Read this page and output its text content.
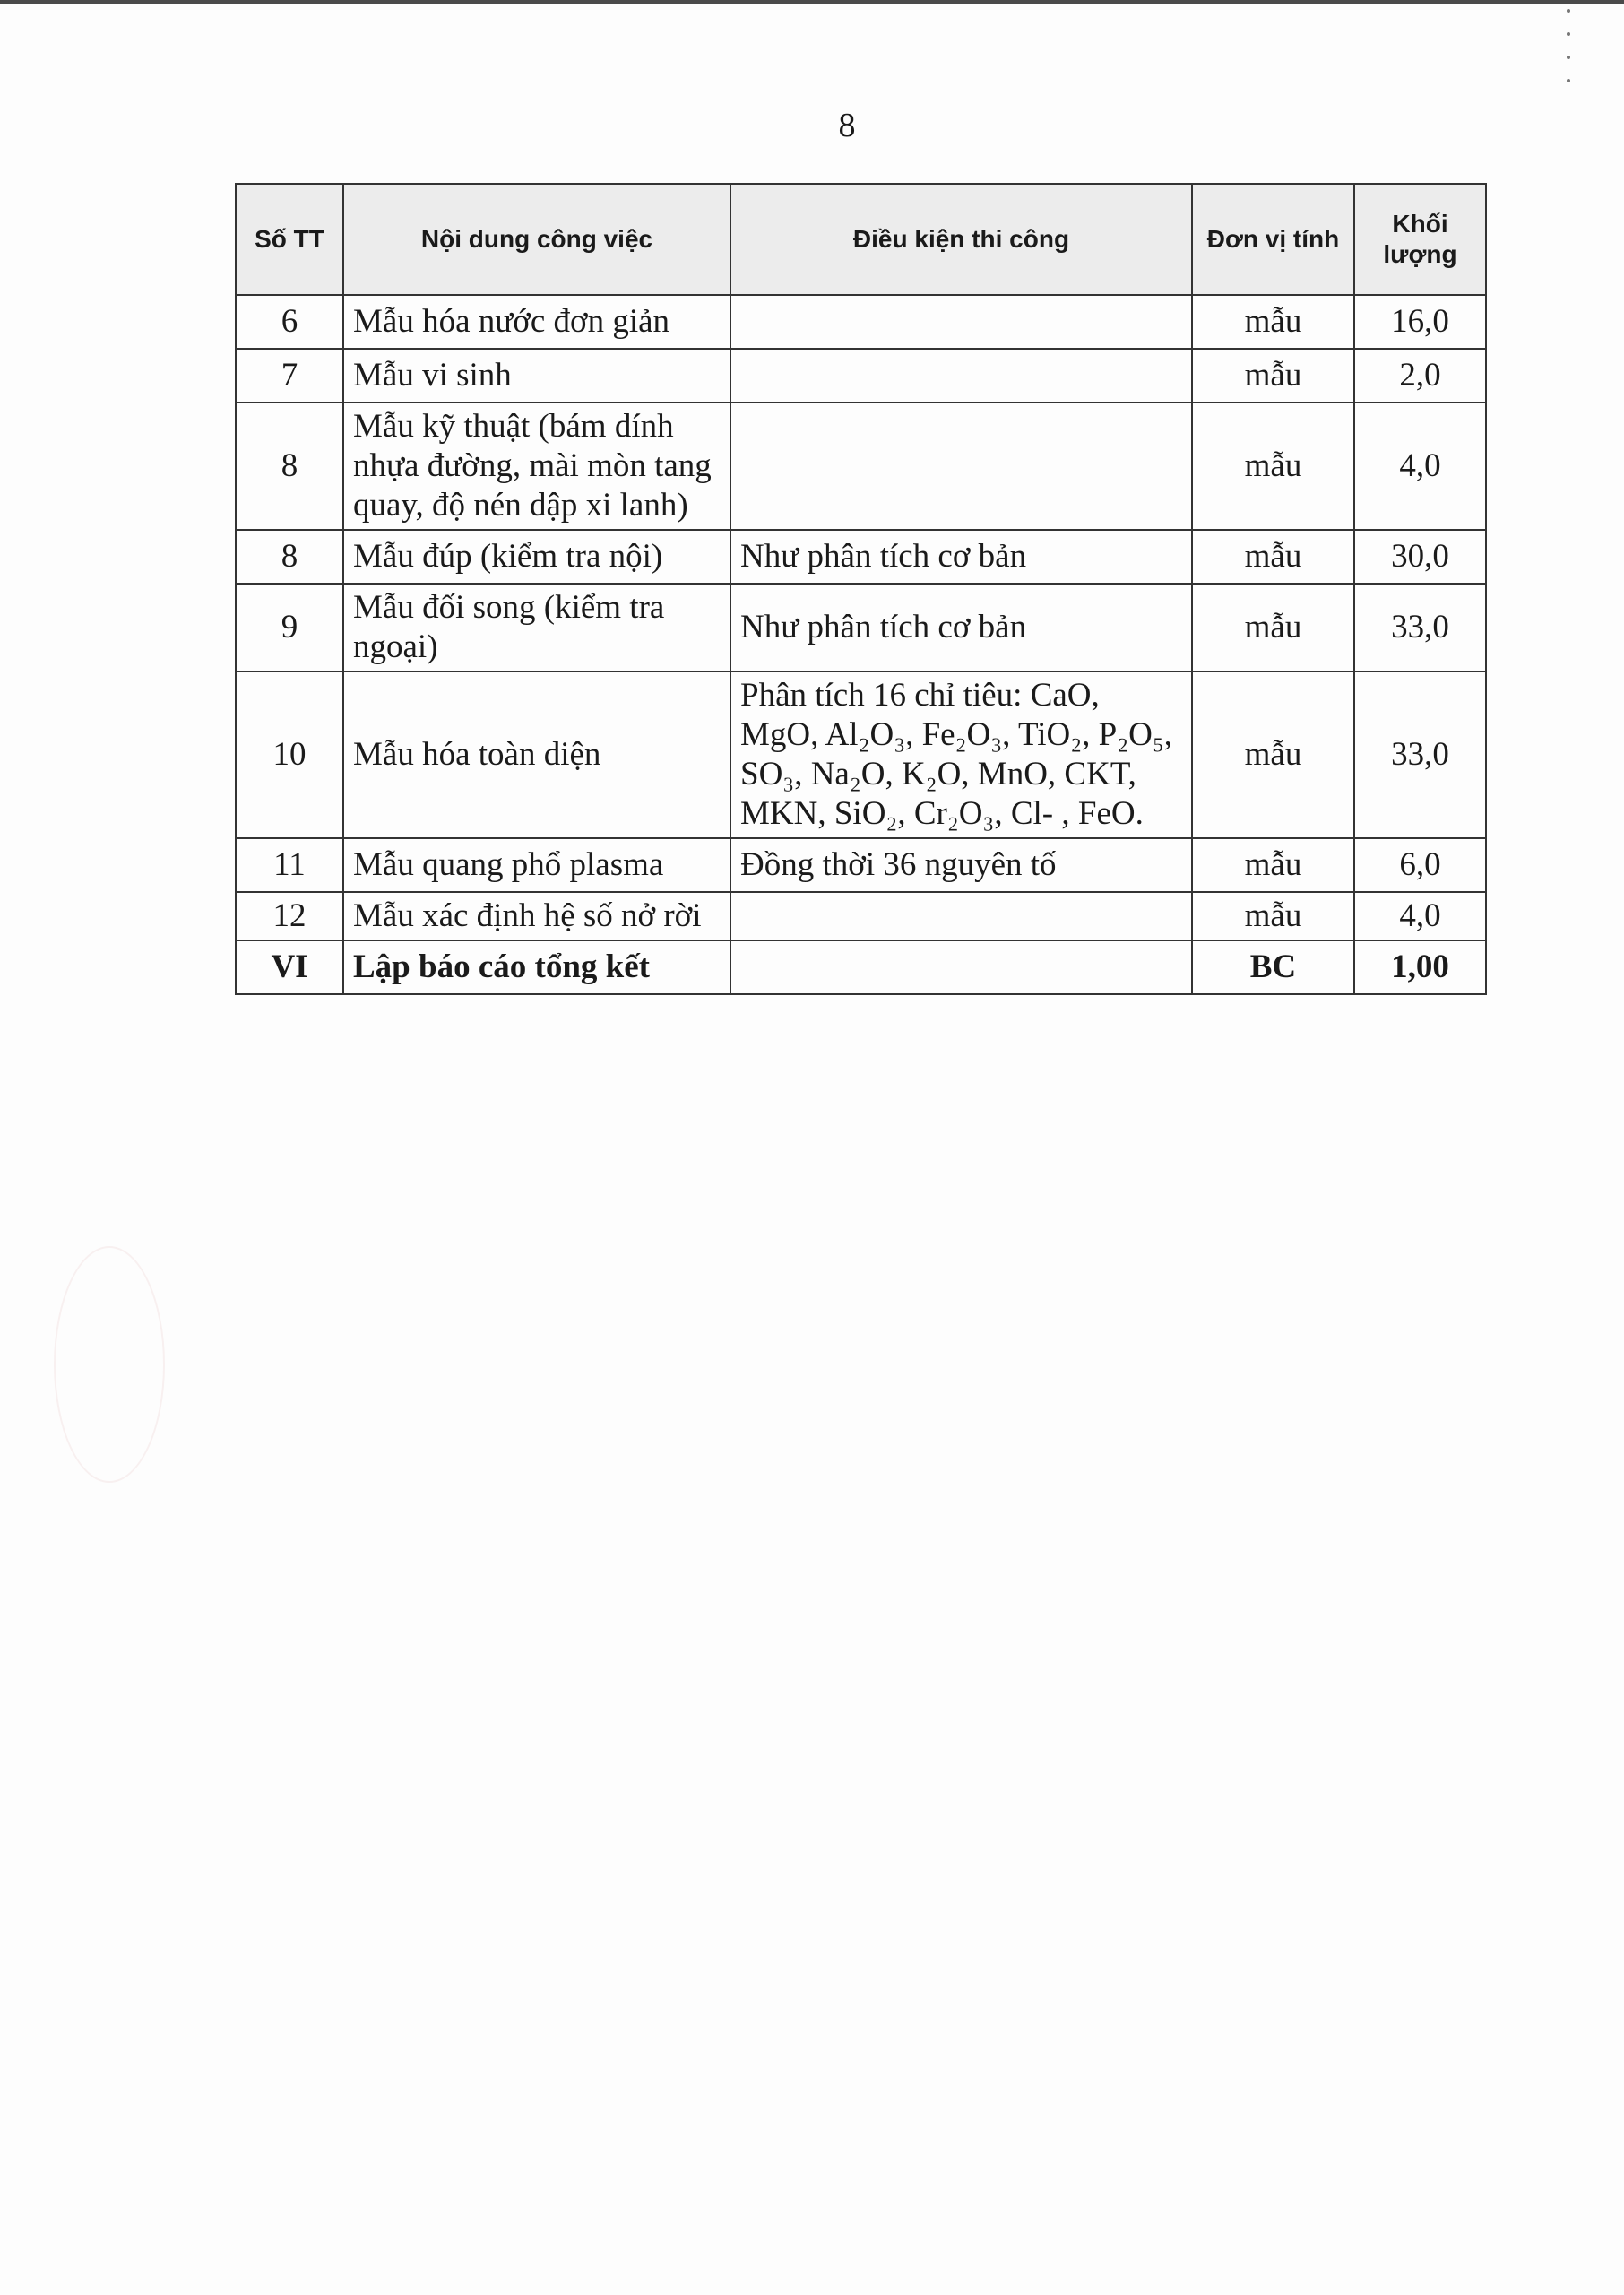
8
Số TT	Nội dung công việc	Điều kiện thi công	Đơn vị tính	Khối lượng
6	Mẫu hóa nước đơn giản		mẫu	16,0
7	Mẫu vi sinh		mẫu	2,0
8	Mẫu kỹ thuật (bám dính nhựa đường, mài mòn tang quay, độ nén dập xi lanh)		mẫu	4,0
8	Mẫu đúp (kiểm tra nội)	Như phân tích cơ bản	mẫu	30,0
9	Mẫu đối song (kiểm tra ngoại)	Như phân tích cơ bản	mẫu	33,0
10	Mẫu hóa toàn diện	Phân tích 16 chỉ tiêu: CaO, MgO, Al₂O₃, Fe₂O₃, TiO₂, P₂O₅, SO₃, Na₂O, K₂O, MnO, CKT, MKN, SiO₂, Cr₂O₃, Cl- , FeO.	mẫu	33,0
11	Mẫu quang phổ plasma	Đồng thời 36 nguyên tố	mẫu	6,0
12	Mẫu xác định hệ số nở rời		mẫu	4,0
VI	Lập báo cáo tổng kết		BC	1,00
